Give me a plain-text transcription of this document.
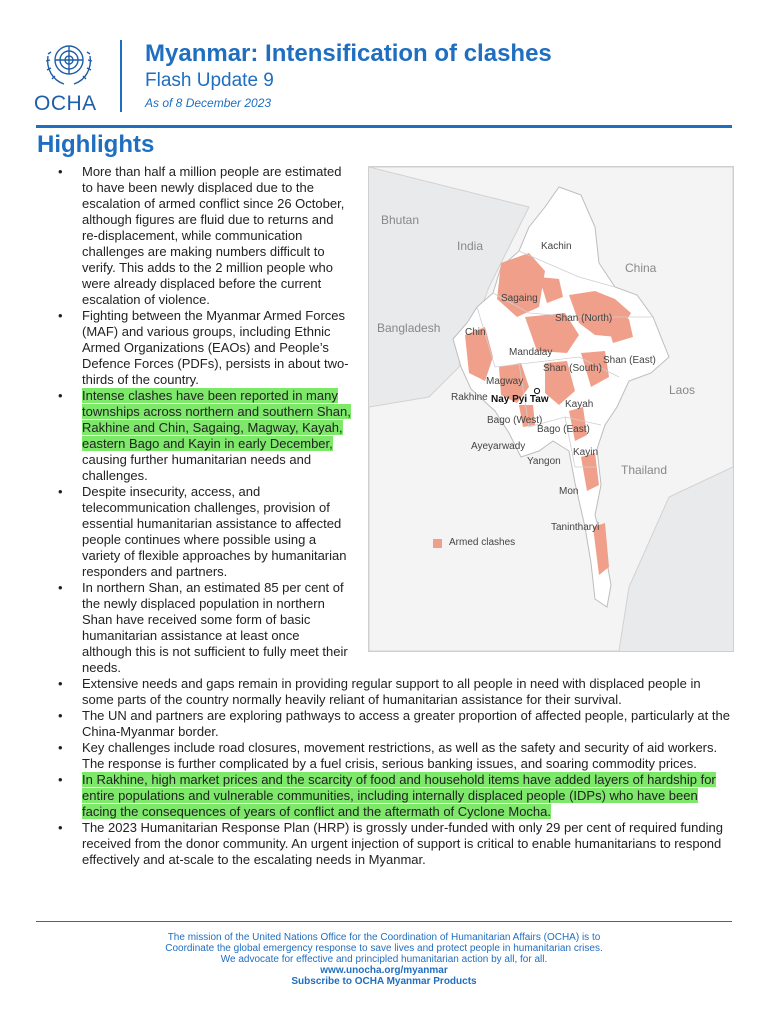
OCHA
Myanmar: Intensification of clashes
Flash Update 9
As of 8 December 2023
Highlights
• More than half a million people are estimated to have been newly displaced due to the escalation of armed conflict since 26 October, although figures are fluid due to returns and re-displacement, while communication challenges are making numbers difficult to verify. This adds to the 2 million people who were already displaced before the current escalation of violence.
• Fighting between the Myanmar Armed Forces (MAF) and various groups, including Ethnic Armed Organizations (EAOs) and People’s Defence Forces (PDFs), persists in about two-thirds of the country.
• Intense clashes have been reported in many townships across northern and southern Shan, Rakhine and Chin, Sagaing, Magway, Kayah, eastern Bago and Kayin in early December, causing further humanitarian needs and challenges.
• Despite insecurity, access, and telecommunication challenges, provision of essential humanitarian assistance to affected people continues where possible using a variety of flexible approaches by humanitarian responders and partners.
• In northern Shan, an estimated 85 per cent of the newly displaced population in northern Shan have received some form of basic humanitarian assistance at least once although this is not sufficient to fully meet their needs.
• Extensive needs and gaps remain in providing regular support to all people in need with displaced people in some parts of the country normally heavily reliant of humanitarian assistance for their survival.
• The UN and partners are exploring pathways to access a greater proportion of affected people, particularly at the China-Myanmar border.
• Key challenges include road closures, movement restrictions, as well as the safety and security of aid workers. The response is further complicated by a fuel crisis, serious banking issues, and soaring commodity prices.
• In Rakhine, high market prices and the scarcity of food and household items have added layers of hardship for entire populations and vulnerable communities, including internally displaced people (IDPs) who have been facing the consequences of years of conflict and the aftermath of Cyclone Mocha.
• The 2023 Humanitarian Response Plan (HRP) is grossly under-funded with only 29 per cent of required funding received from the donor community. An urgent injection of support is critical to enable humanitarians to respond effectively and at-scale to the escalating needs in Myanmar.
Bhutan
India
China
Bangladesh
Laos
Thailand
Kachin
Sagaing
Shan (North)
Chin
Mandalay
Shan (East)
Shan (South)
Magway
Rakhine
Kayah
Bago (West)
Bago (East)
Ayeyarwady
Yangon
Kayin
Mon
Tanintharyi
Nay Pyi Taw
Armed clashes
The mission of the United Nations Office for the Coordination of Humanitarian Affairs (OCHA) is to
Coordinate the global emergency response to save lives and protect people in humanitarian crises.
We advocate for effective and principled humanitarian action by all, for all.
www.unocha.org/myanmar
Subscribe to OCHA Myanmar Products
